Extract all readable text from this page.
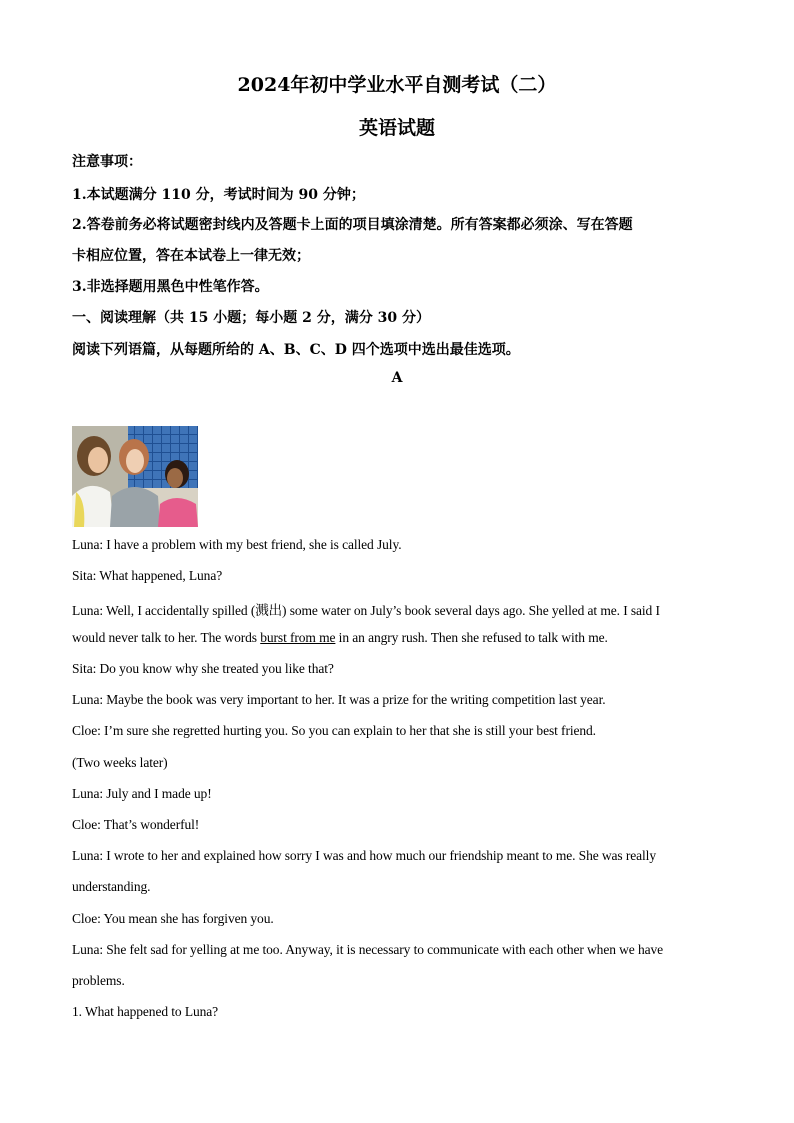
2024年初中学业水平自测考试（二）
英语试题
注意事项：
1.本试题满分 110 分，考试时间为 90 分钟；
2.答卷前务必将试题密封线内及答题卡上面的项目填涂清楚。所有答案都必须涂、写在答题
卡相应位置，答在本试卷上一律无效；
3.非选择题用黑色中性笔作答。
一、阅读理解（共 15 小题；每小题 2 分，满分 30 分）
阅读下列语篇，从每题所给的 A、B、C、D 四个选项中选出最佳选项。
A
Luna: I have a problem with my best friend, she is called July.
Sita: What happened, Luna?
Luna: Well, I accidentally spilled (溅出) some water on July’s book several days ago. She yelled at me. I said I
would never talk to her. The words burst from me in an angry rush. Then she refused to talk with me.
Sita: Do you know why she treated you like that?
Luna: Maybe the book was very important to her. It was a prize for the writing competition last year.
Cloe: I’m sure she regretted hurting you. So you can explain to her that she is still your best friend.
(Two weeks later)
Luna: July and I made up!
Cloe: That’s wonderful!
Luna: I wrote to her and explained how sorry I was and how much our friendship meant to me. She was really
understanding.
Cloe: You mean she has forgiven you.
Luna: She felt sad for yelling at me too. Anyway, it is necessary to communicate with each other when we have
problems.
1. What happened to Luna?
